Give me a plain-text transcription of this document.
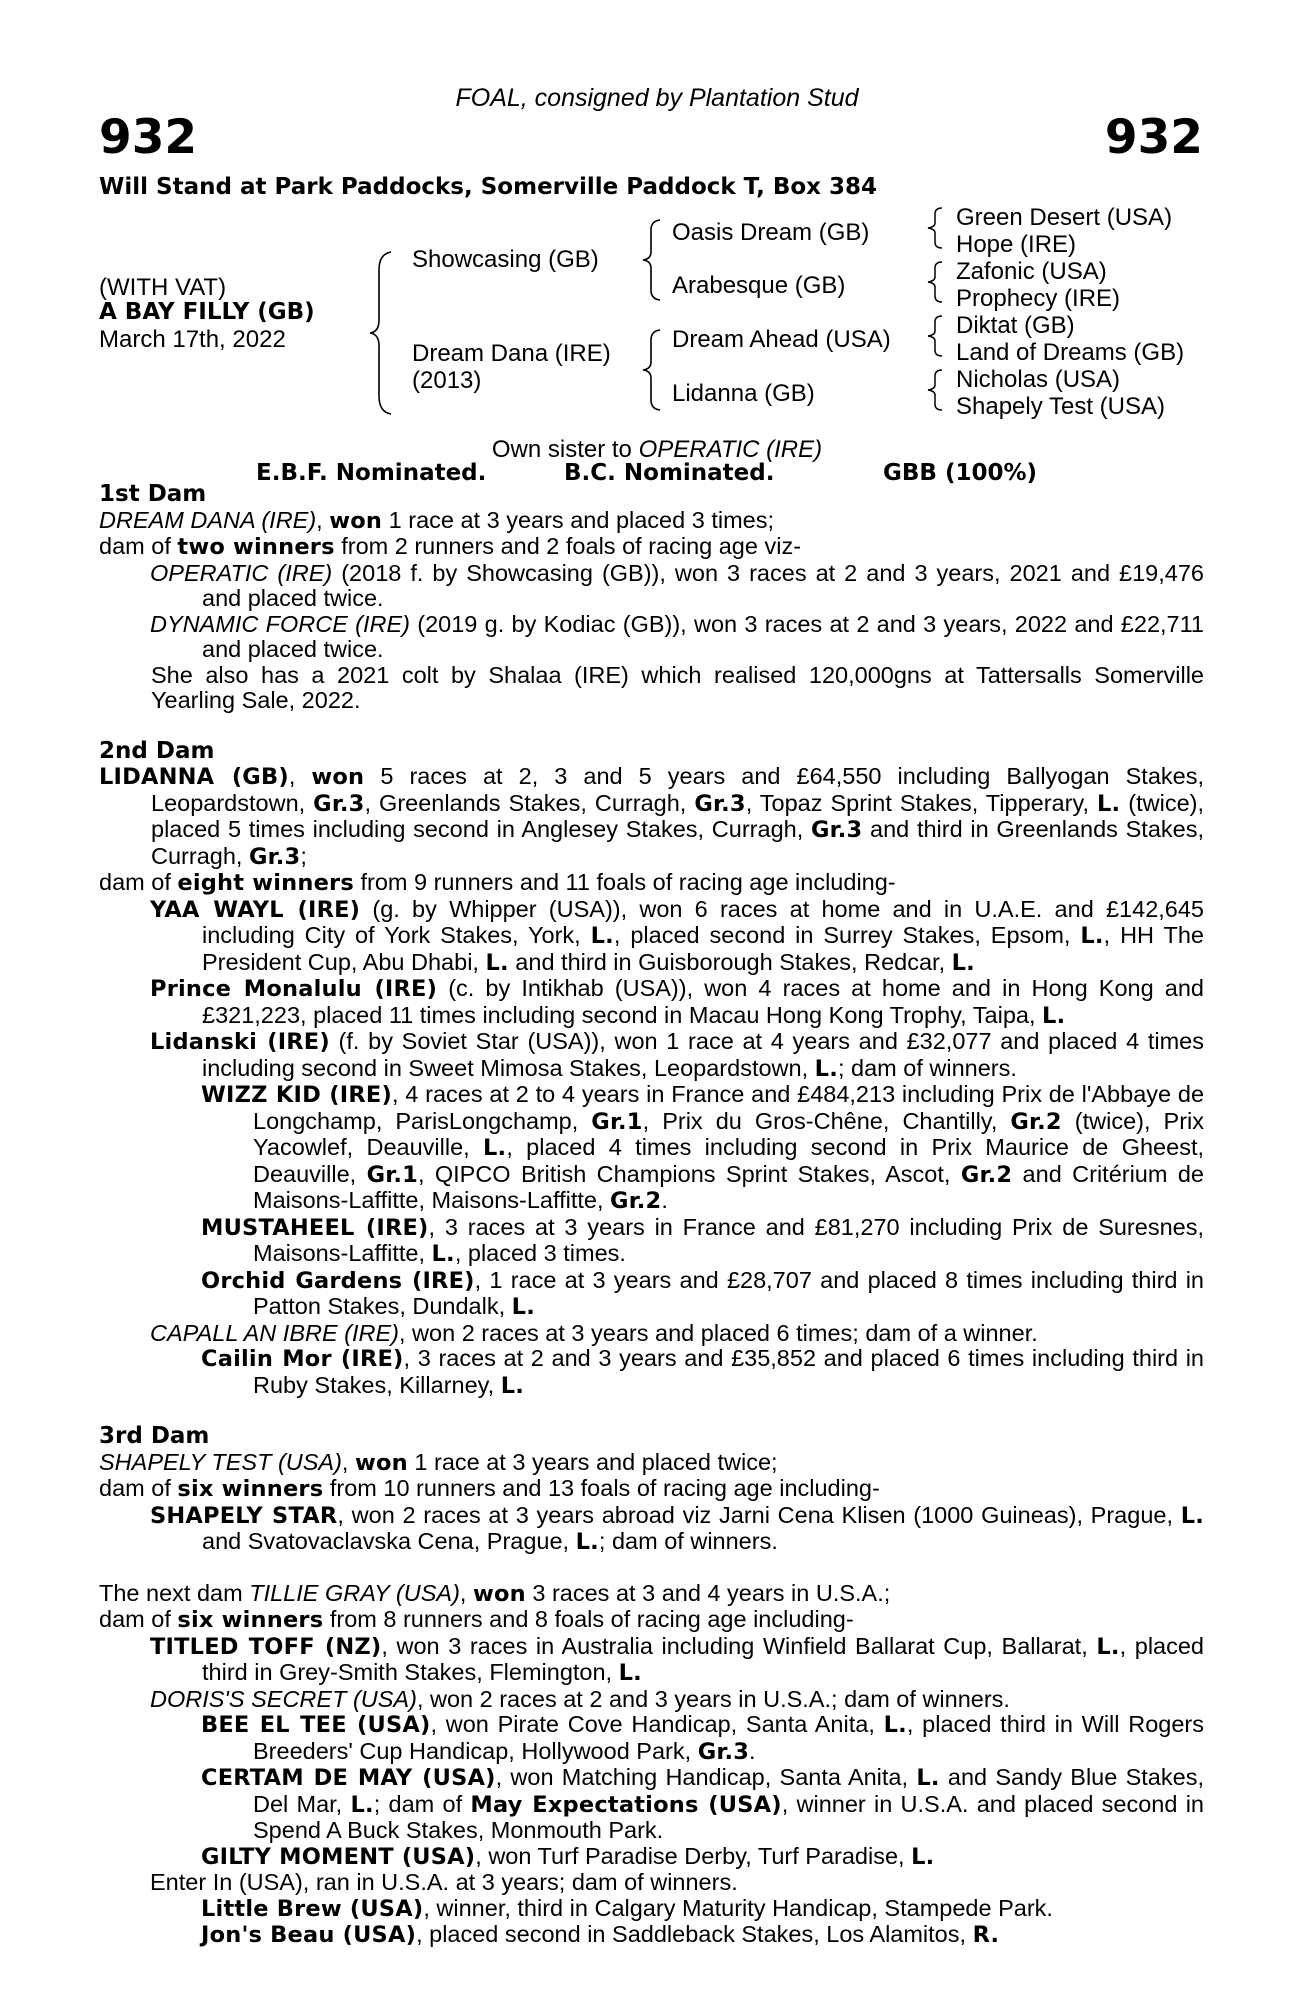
FOAL, consigned by Plantation Stud
932	932
Will Stand at Park Paddocks, Somerville Paddock T, Box 384
(WITH VAT)
A BAY FILLY (GB)
March 17th, 2022
Showcasing (GB)
Dream Dana (IRE)
(2013)
Oasis Dream (GB)
Arabesque (GB)
Dream Ahead (USA)
Lidanna (GB)
Green Desert (USA)
Hope (IRE)
Zafonic (USA)
Prophecy (IRE)
Diktat (GB)
Land of Dreams (GB)
Nicholas (USA)
Shapely Test (USA)
Own sister to OPERATIC (IRE)
E.B.F. Nominated.	B.C. Nominated.	GBB (100%)
1st Dam

DREAM DANA (IRE), won 1 race at 3 years and placed 3 times;

dam of two winners from 2 runners and 2 foals of racing age viz-

OPERATIC (IRE) (2018 f. by Showcasing (GB)), won 3 races at 2 and 3 years, 2021 and £19,476 and placed twice.

DYNAMIC FORCE (IRE) (2019 g. by Kodiac (GB)), won 3 races at 2 and 3 years, 2022 and £22,711 and placed twice.

She also has a 2021 colt by Shalaa (IRE) which realised 120,000gns at Tattersalls Somerville Yearling Sale, 2022.

2nd Dam

LIDANNA (GB), won 5 races at 2, 3 and 5 years and £64,550 including Ballyogan Stakes, Leopardstown, Gr.3, Greenlands Stakes, Curragh, Gr.3, Topaz Sprint Stakes, Tipperary, L. (twice), placed 5 times including second in Anglesey Stakes, Curragh, Gr.3 and third in Greenlands Stakes, Curragh, Gr.3;

dam of eight winners from 9 runners and 11 foals of racing age including-

YAA WAYL (IRE) (g. by Whipper (USA)), won 6 races at home and in U.A.E. and £142,645 including City of York Stakes, York, L., placed second in Surrey Stakes, Epsom, L., HH The President Cup, Abu Dhabi, L. and third in Guisborough Stakes, Redcar, L.

Prince Monalulu (IRE) (c. by Intikhab (USA)), won 4 races at home and in Hong Kong and £321,223, placed 11 times including second in Macau Hong Kong Trophy, Taipa, L.

Lidanski (IRE) (f. by Soviet Star (USA)), won 1 race at 4 years and £32,077 and placed 4 times including second in Sweet Mimosa Stakes, Leopardstown, L.; dam of winners.

WIZZ KID (IRE), 4 races at 2 to 4 years in France and £484,213 including Prix de l'Abbaye de Longchamp, ParisLongchamp, Gr.1, Prix du Gros-Chêne, Chantilly, Gr.2 (twice), Prix Yacowlef, Deauville, L., placed 4 times including second in Prix Maurice de Gheest, Deauville, Gr.1, QIPCO British Champions Sprint Stakes, Ascot, Gr.2 and Critérium de Maisons-Laffitte, Maisons-Laffitte, Gr.2.

MUSTAHEEL (IRE), 3 races at 3 years in France and £81,270 including Prix de Suresnes, Maisons-Laffitte, L., placed 3 times.

Orchid Gardens (IRE), 1 race at 3 years and £28,707 and placed 8 times including third in Patton Stakes, Dundalk, L.

CAPALL AN IBRE (IRE), won 2 races at 3 years and placed 6 times; dam of a winner.

Cailin Mor (IRE), 3 races at 2 and 3 years and £35,852 and placed 6 times including third in Ruby Stakes, Killarney, L.

3rd Dam

SHAPELY TEST (USA), won 1 race at 3 years and placed twice;

dam of six winners from 10 runners and 13 foals of racing age including-

SHAPELY STAR, won 2 races at 3 years abroad viz Jarni Cena Klisen (1000 Guineas), Prague, L. and Svatovaclavska Cena, Prague, L.; dam of winners.

The next dam TILLIE GRAY (USA), won 3 races at 3 and 4 years in U.S.A.;

dam of six winners from 8 runners and 8 foals of racing age including-

TITLED TOFF (NZ), won 3 races in Australia including Winfield Ballarat Cup, Ballarat, L., placed third in Grey-Smith Stakes, Flemington, L.

DORIS'S SECRET (USA), won 2 races at 2 and 3 years in U.S.A.; dam of winners.

BEE EL TEE (USA), won Pirate Cove Handicap, Santa Anita, L., placed third in Will Rogers Breeders' Cup Handicap, Hollywood Park, Gr.3.

CERTAM DE MAY (USA), won Matching Handicap, Santa Anita, L. and Sandy Blue Stakes, Del Mar, L.; dam of May Expectations (USA), winner in U.S.A. and placed second in Spend A Buck Stakes, Monmouth Park.

GILTY MOMENT (USA), won Turf Paradise Derby, Turf Paradise, L.

Enter In (USA), ran in U.S.A. at 3 years; dam of winners.

Little Brew (USA), winner, third in Calgary Maturity Handicap, Stampede Park.

Jon's Beau (USA), placed second in Saddleback Stakes, Los Alamitos, R.
